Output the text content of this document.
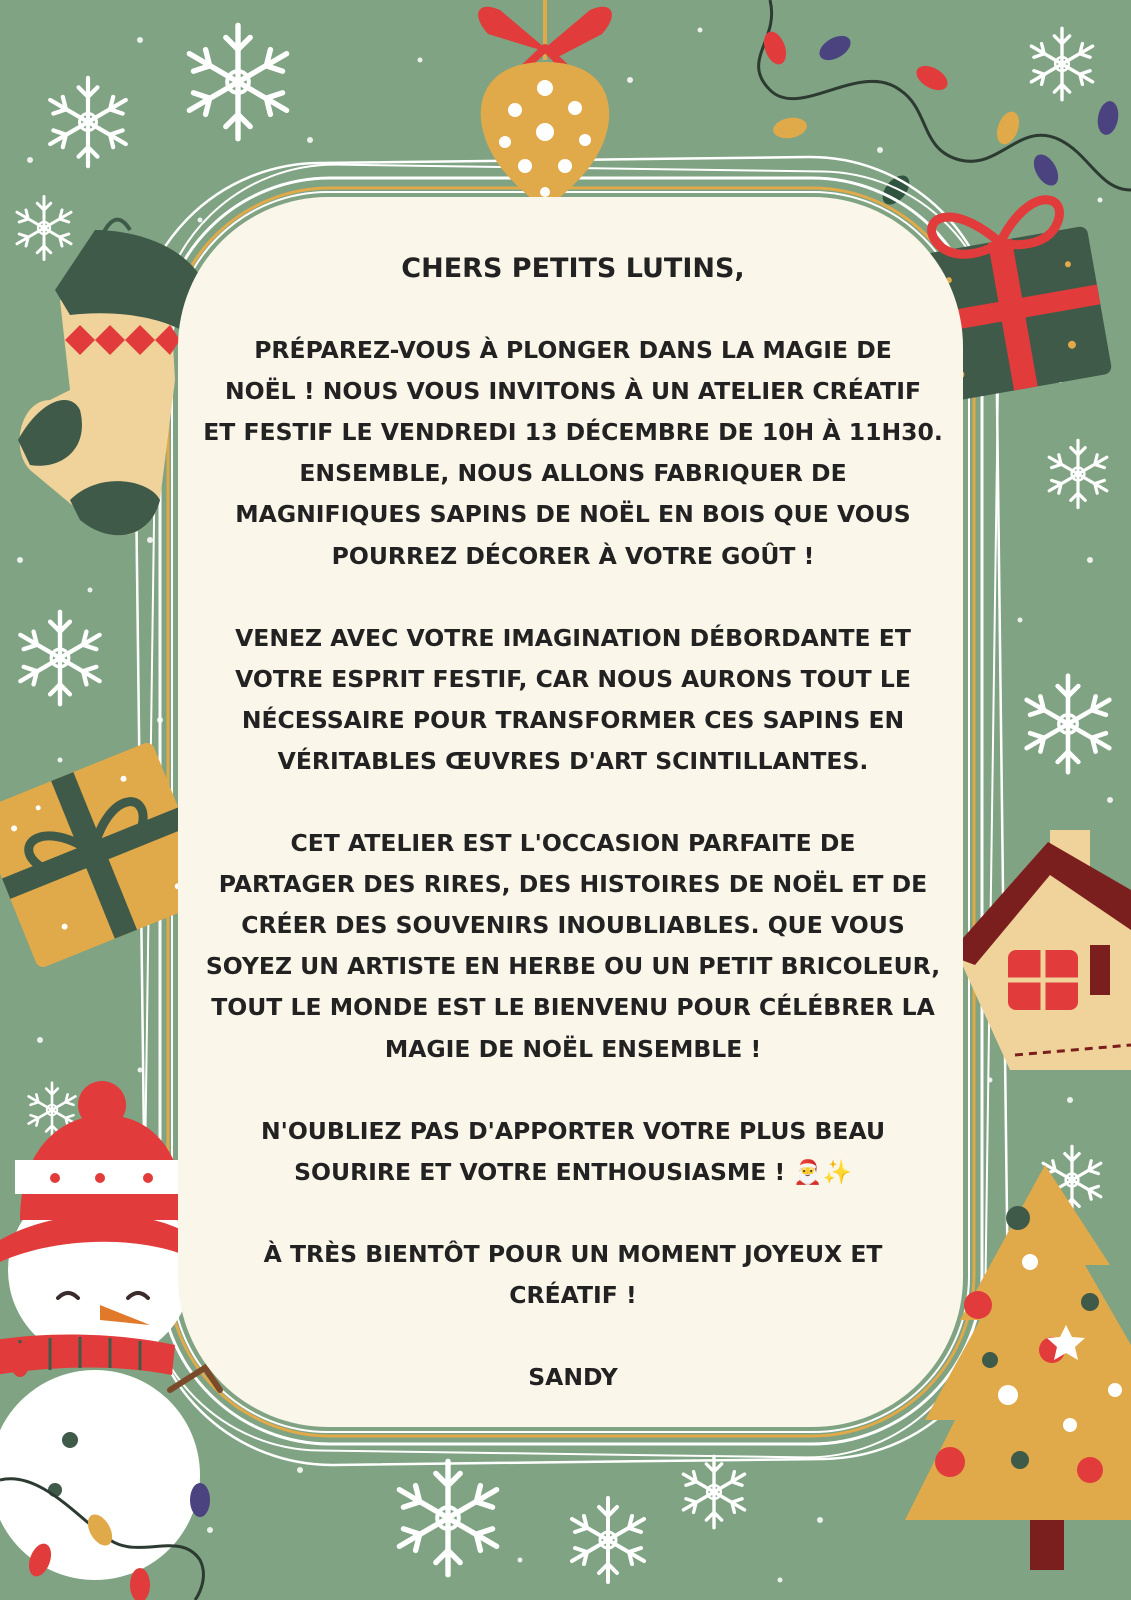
CHERS PETITS LUTINS,

PRÉPAREZ-VOUS À PLONGER DANS LA MAGIE DE

NOËL ! NOUS VOUS INVITONS À UN ATELIER CRÉATIF

ET FESTIF LE VENDREDI 13 DÉCEMBRE DE 10H À 11H30.

ENSEMBLE, NOUS ALLONS FABRIQUER DE

MAGNIFIQUES SAPINS DE NOËL EN BOIS QUE VOUS

POURREZ DÉCORER À VOTRE GOÛT !

VENEZ AVEC VOTRE IMAGINATION DÉBORDANTE ET

VOTRE ESPRIT FESTIF, CAR NOUS AURONS TOUT LE

NÉCESSAIRE POUR TRANSFORMER CES SAPINS EN

VÉRITABLES ŒUVRES D'ART SCINTILLANTES.

CET ATELIER EST L'OCCASION PARFAITE DE

PARTAGER DES RIRES, DES HISTOIRES DE NOËL ET DE

CRÉER DES SOUVENIRS INOUBLIABLES. QUE VOUS

SOYEZ UN ARTISTE EN HERBE OU UN PETIT BRICOLEUR,

TOUT LE MONDE EST LE BIENVENU POUR CÉLÉBRER LA

MAGIE DE NOËL ENSEMBLE !

N'OUBLIEZ PAS D'APPORTER VOTRE PLUS BEAU

SOURIRE ET VOTRE ENTHOUSIASME ! 🎅✨

À TRÈS BIENTÔT POUR UN MOMENT JOYEUX ET

CRÉATIF !

SANDY
